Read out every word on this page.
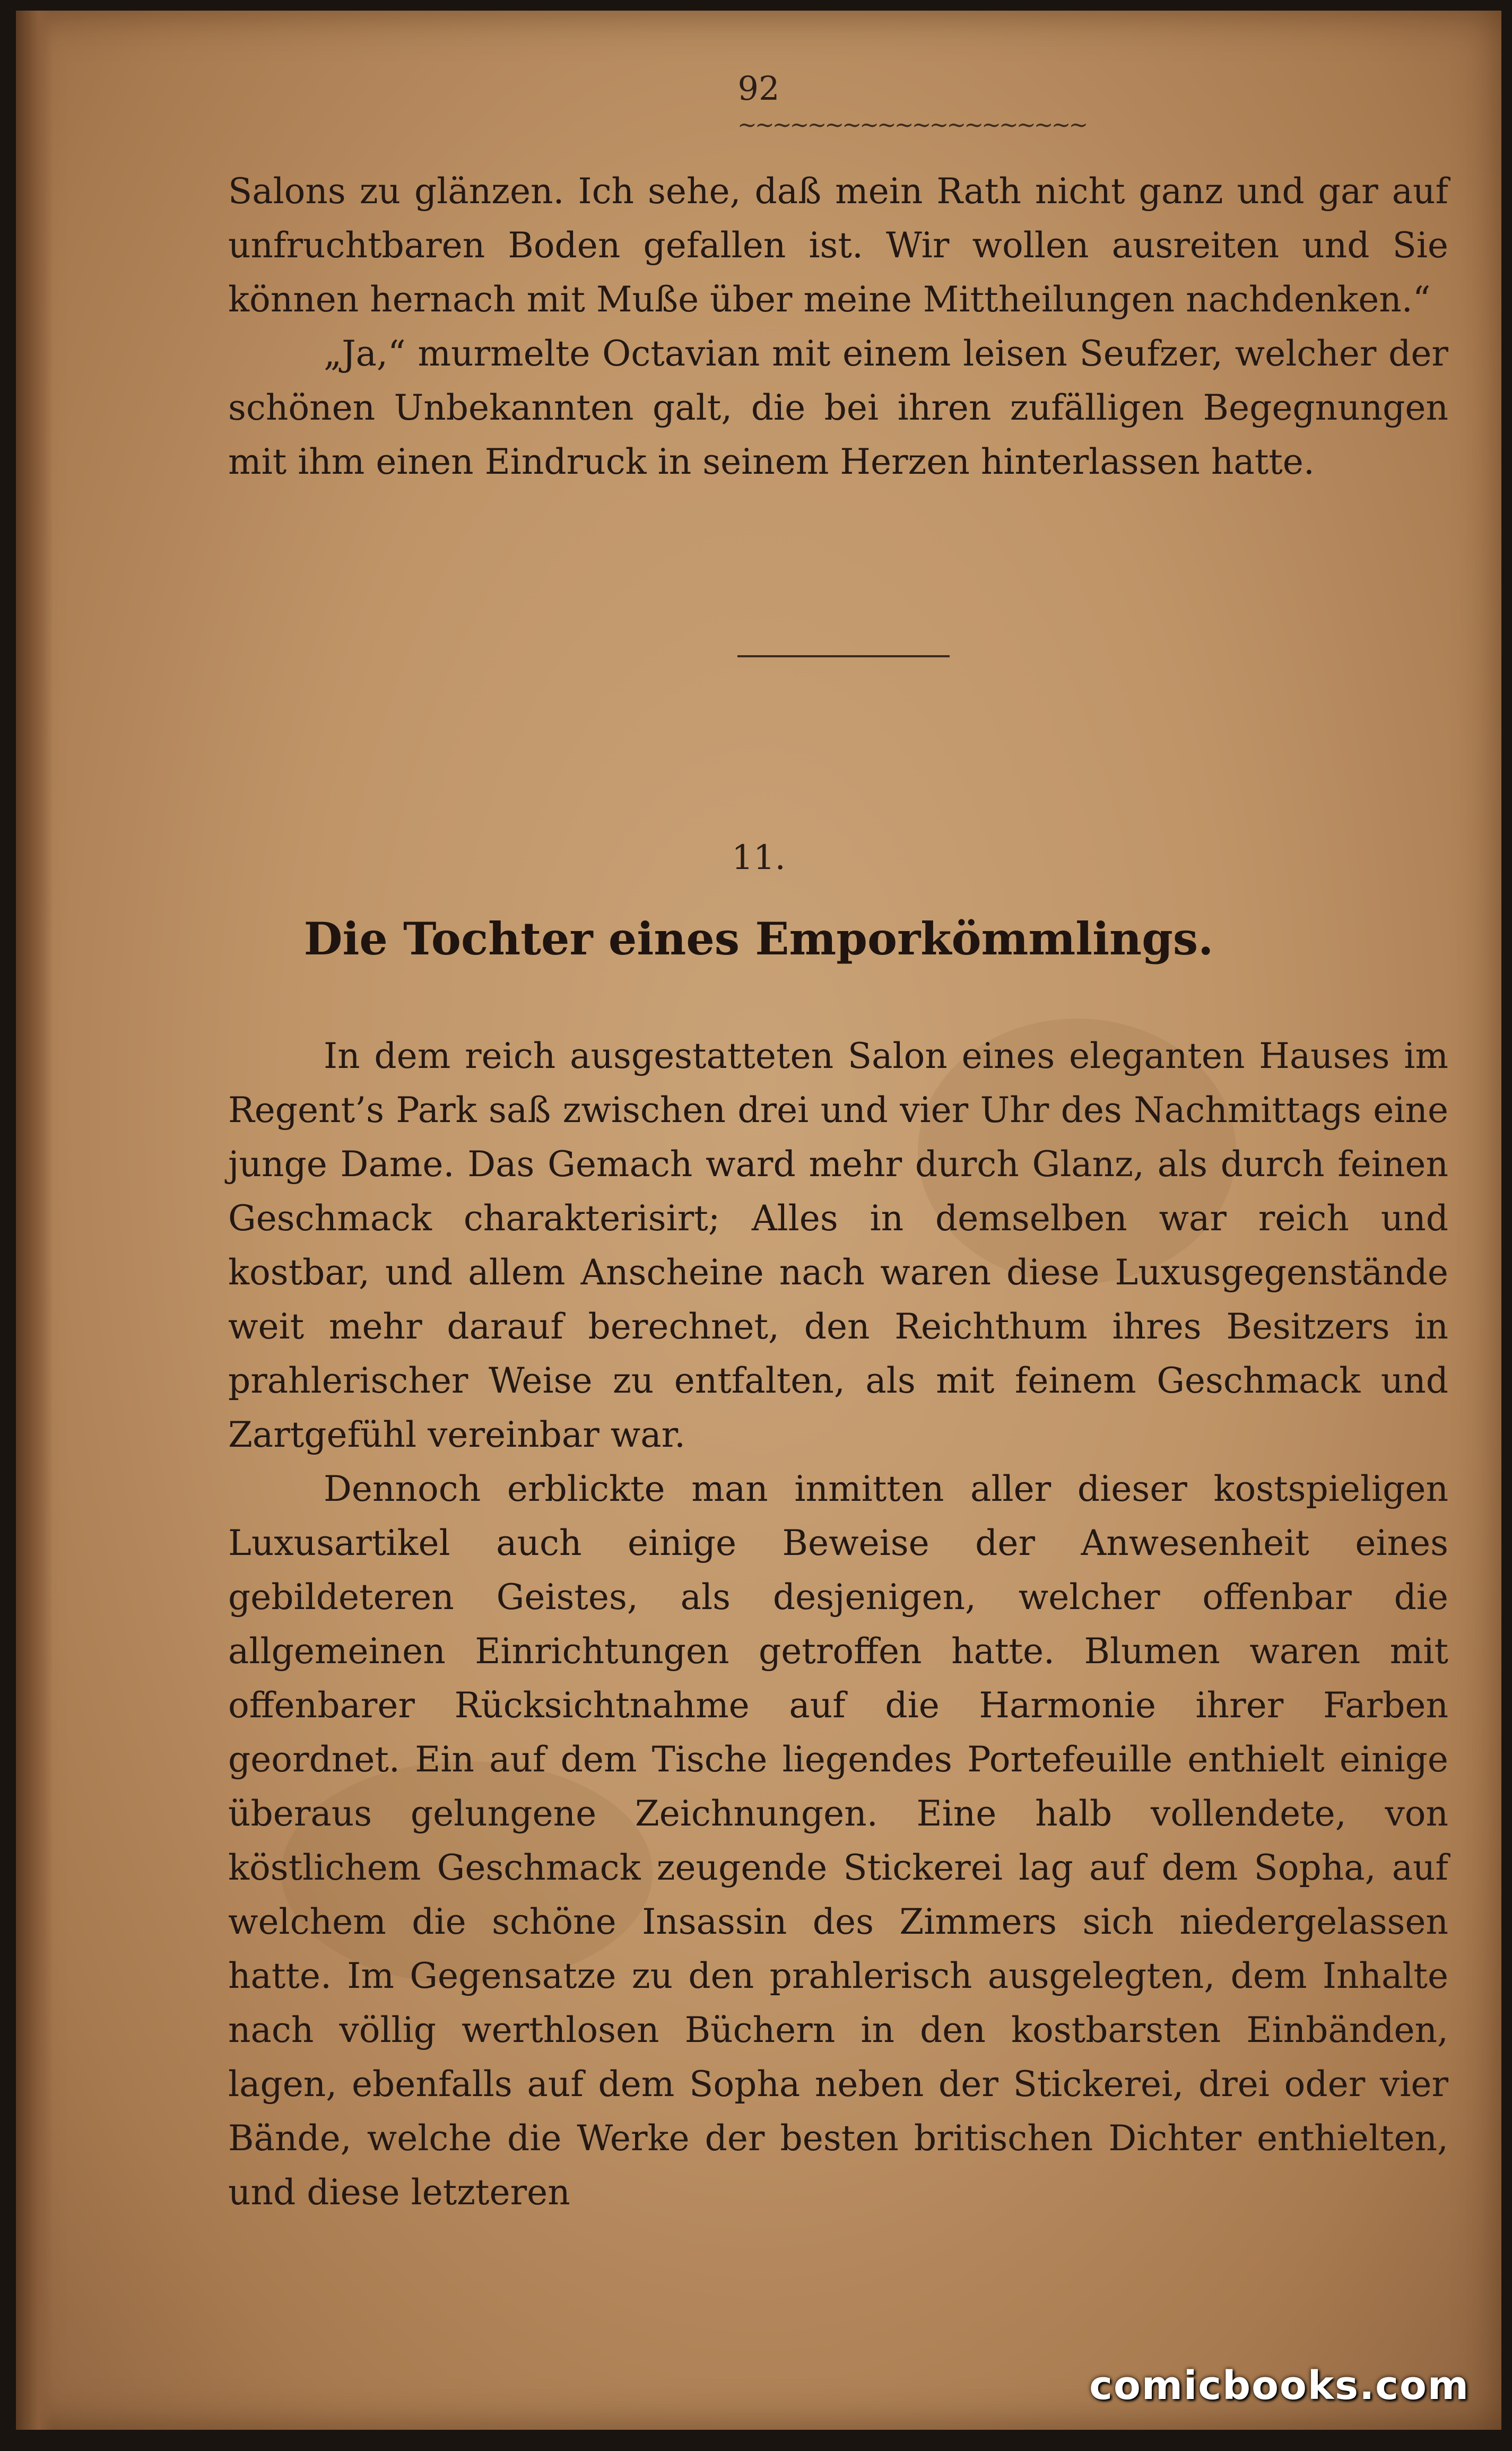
92
~~~~~~~~~~~~~~~~~~~~

Salons zu glänzen. Ich sehe, daß mein Rath nicht ganz und gar auf unfruchtbaren Boden gefallen ist. Wir wollen ausreiten und Sie können hernach mit Muße über meine Mittheilungen nachdenken.“

„Ja,“ murmelte Octavian mit einem leisen Seufzer, welcher der schönen Unbekannten galt, die bei ihren zufälligen Begegnungen mit ihm einen Eindruck in seinem Herzen hinterlassen hatte.

11.
Die Tochter eines Emporkömmlings.

In dem reich ausgestatteten Salon eines eleganten Hauses im Regent’s Park saß zwischen drei und vier Uhr des Nachmittags eine junge Dame. Das Gemach ward mehr durch Glanz, als durch feinen Geschmack charakterisirt; Alles in demselben war reich und kostbar, und allem Anscheine nach waren diese Luxusgegenstände weit mehr darauf berechnet, den Reichthum ihres Besitzers in prahlerischer Weise zu entfalten, als mit feinem Geschmack und Zartgefühl vereinbar war.

Dennoch erblickte man inmitten aller dieser kostspieligen Luxusartikel auch einige Beweise der Anwesenheit eines gebildeteren Geistes, als desjenigen, welcher offenbar die allgemeinen Einrichtungen getroffen hatte. Blumen waren mit offenbarer Rücksichtnahme auf die Harmonie ihrer Farben geordnet. Ein auf dem Tische liegendes Portefeuille enthielt einige überaus gelungene Zeichnungen. Eine halb vollendete, von köstlichem Geschmack zeugende Stickerei lag auf dem Sopha, auf welchem die schöne Insassin des Zimmers sich niedergelassen hatte. Im Gegensatze zu den prahlerisch ausgelegten, dem Inhalte nach völlig werthlosen Büchern in den kostbarsten Einbänden, lagen, ebenfalls auf dem Sopha neben der Stickerei, drei oder vier Bände, welche die Werke der besten britischen Dichter enthielten, und diese letzteren

comicbooks.com
